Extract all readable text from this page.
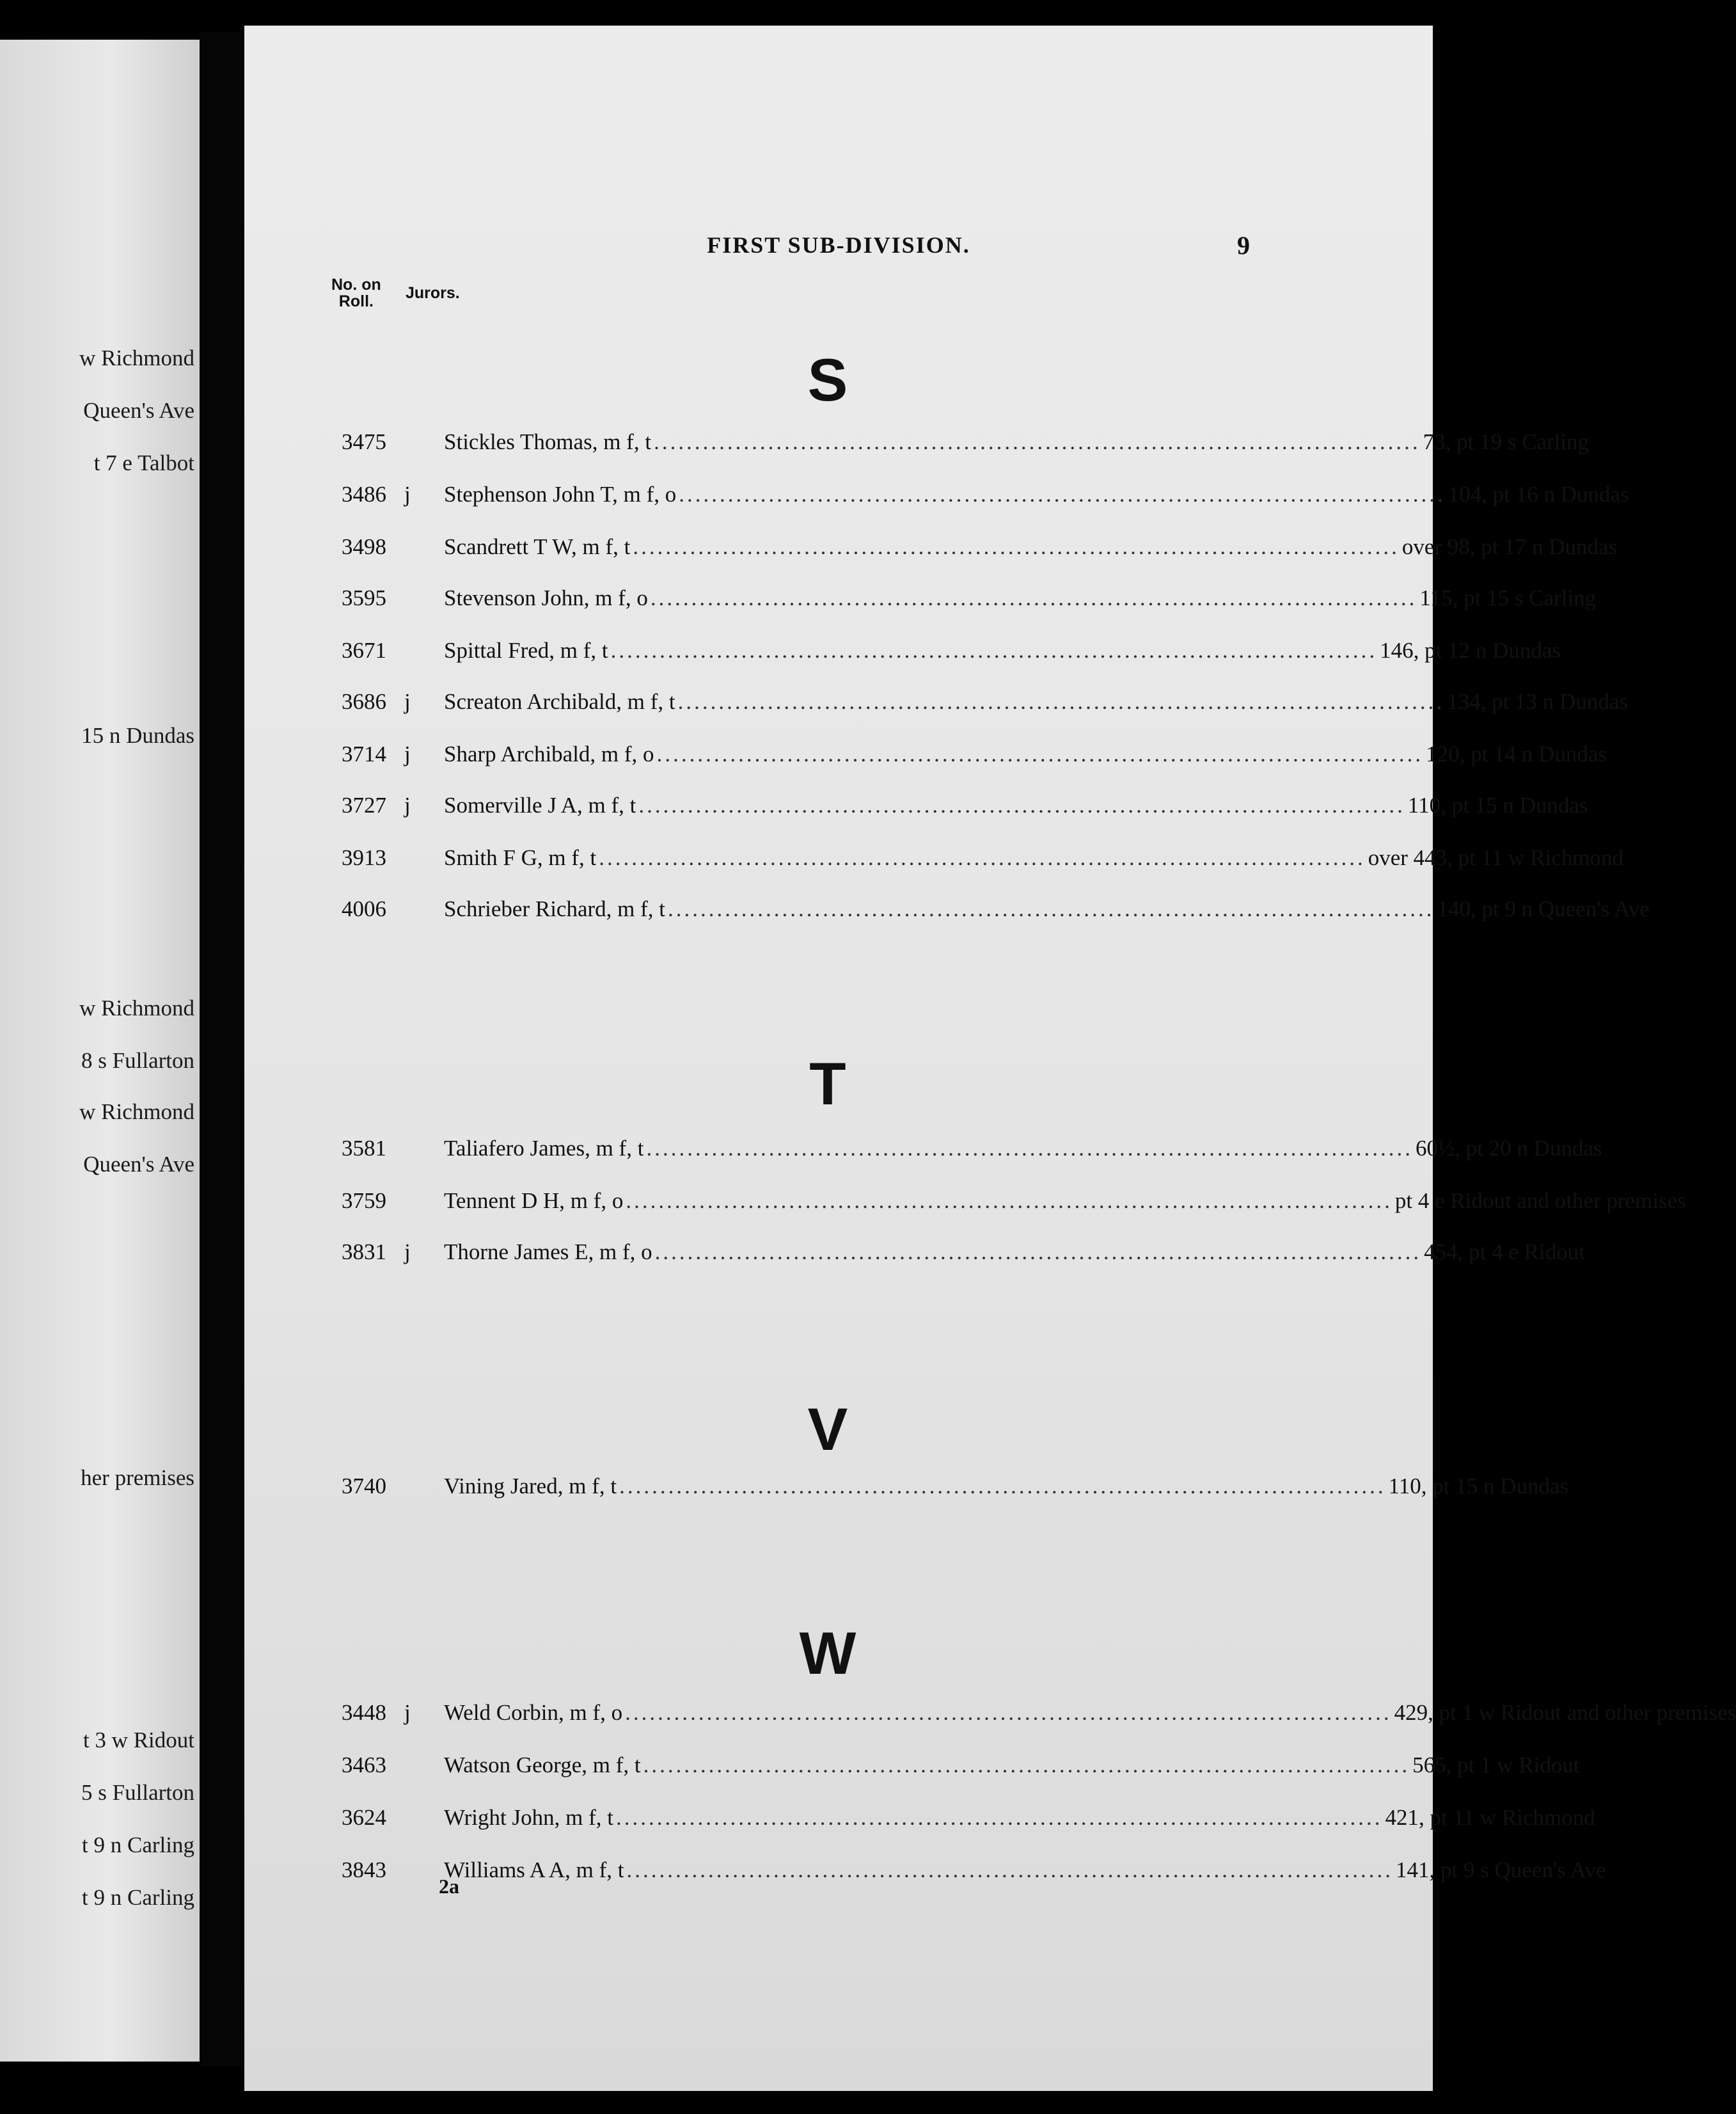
w Richmond
Queen's Ave
t 7 e Talbot
15 n Dundas
w Richmond
8 s Fullarton
w Richmond
Queen's Ave
her premises
t 3 w Ridout
5 s Fullarton
t 9 n Carling
t 9 n Carling
FIRST SUB-DIVISION.	9
No. on
Roll.	Jurors.
S
3475	Stickles Thomas, m f, t .............................................................................................. 73, pt 19 s Carling
3486 j	Stephenson John T, m f, o .............................................................................................. 104, pt 16 n Dundas
3498	Scandrett T W, m f, t .............................................................................................. over 98, pt 17 n Dundas
3595	Stevenson John, m f, o .............................................................................................. 115, pt 15 s Carling
3671	Spittal Fred, m f, t .............................................................................................. 146, pt 12 n Dundas
3686 j	Screaton Archibald, m f, t .............................................................................................. 134, pt 13 n Dundas
3714 j	Sharp Archibald, m f, o .............................................................................................. 120, pt 14 n Dundas
3727 j	Somerville J A, m f, t .............................................................................................. 110, pt 15 n Dundas
3913	Smith F G, m f, t .............................................................................................. over 443, pt 11 w Richmond
4006	Schrieber Richard, m f, t .............................................................................................. 140, pt 9 n Queen's Ave
T
3581	Taliafero James, m f, t .............................................................................................. 60½, pt 20 n Dundas
3759	Tennent D H, m f, o .............................................................................................. pt 4 e Ridout and other premises
3831 j	Thorne James E, m f, o .............................................................................................. 454, pt 4 e Ridout
V
3740	Vining Jared, m f, t .............................................................................................. 110, pt 15 n Dundas
W
3448 j	Weld Corbin, m f, o .............................................................................................. 429, pt 1 w Ridout and other premises
3463	Watson George, m f, t .............................................................................................. 565, pt 1 w Ridout
3624	Wright John, m f, t .............................................................................................. 421, pt 11 w Richmond
3843	Williams A A, m f, t .............................................................................................. 141, pt 9 s Queen's Ave
2a
